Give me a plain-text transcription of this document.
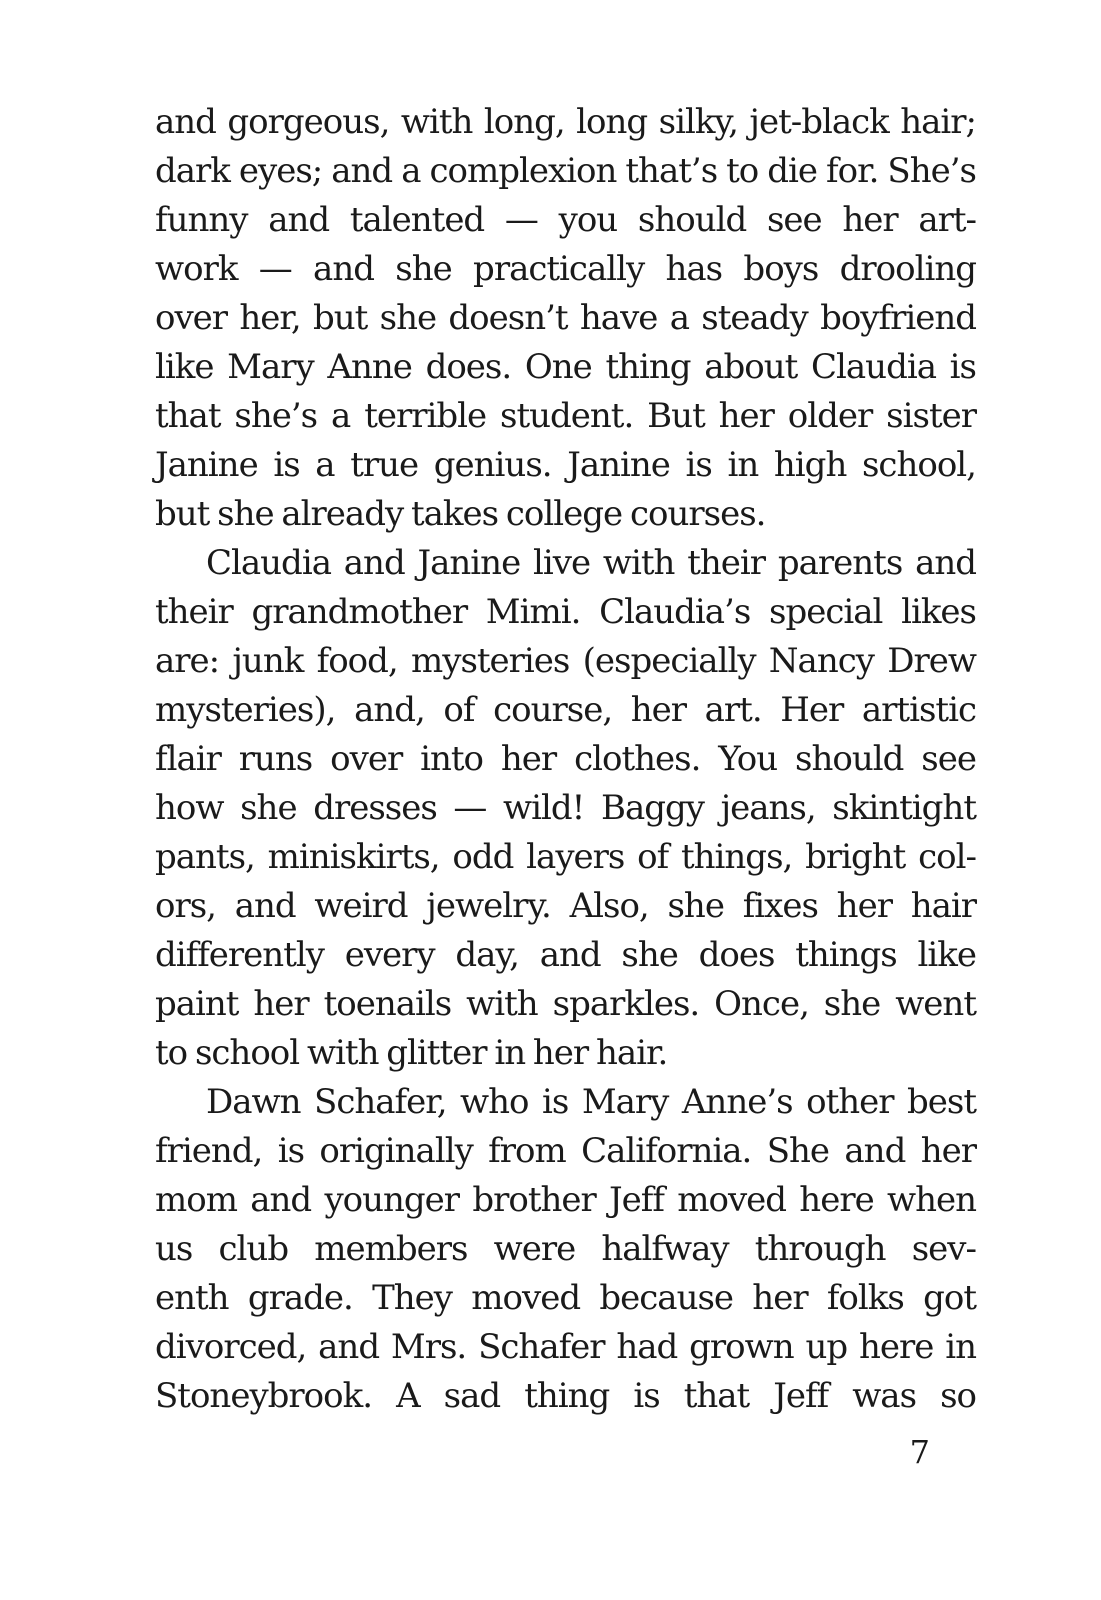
and gorgeous, with long, long silky, jet-black hair;
dark eyes; and a complexion that’s to die for. She’s
funny and talented — you should see her art-
work — and she practically has boys drooling
over her, but she doesn’t have a steady boyfriend
like Mary Anne does. One thing about Claudia is
that she’s a terrible student. But her older sister
Janine is a true genius. Janine is in high school,
but she already takes college courses.
Claudia and Janine live with their parents and
their grandmother Mimi. Claudia’s special likes
are: junk food, mysteries (especially Nancy Drew
mysteries), and, of course, her art. Her artistic
flair runs over into her clothes. You should see
how she dresses — wild! Baggy jeans, skintight
pants, miniskirts, odd layers of things, bright col-
ors, and weird jewelry. Also, she fixes her hair
differently every day, and she does things like
paint her toenails with sparkles. Once, she went
to school with glitter in her hair.
Dawn Schafer, who is Mary Anne’s other best
friend, is originally from California. She and her
mom and younger brother Jeff moved here when
us club members were halfway through sev-
enth grade. They moved because her folks got
divorced, and Mrs. Schafer had grown up here in
Stoneybrook. A sad thing is that Jeff was so
7
